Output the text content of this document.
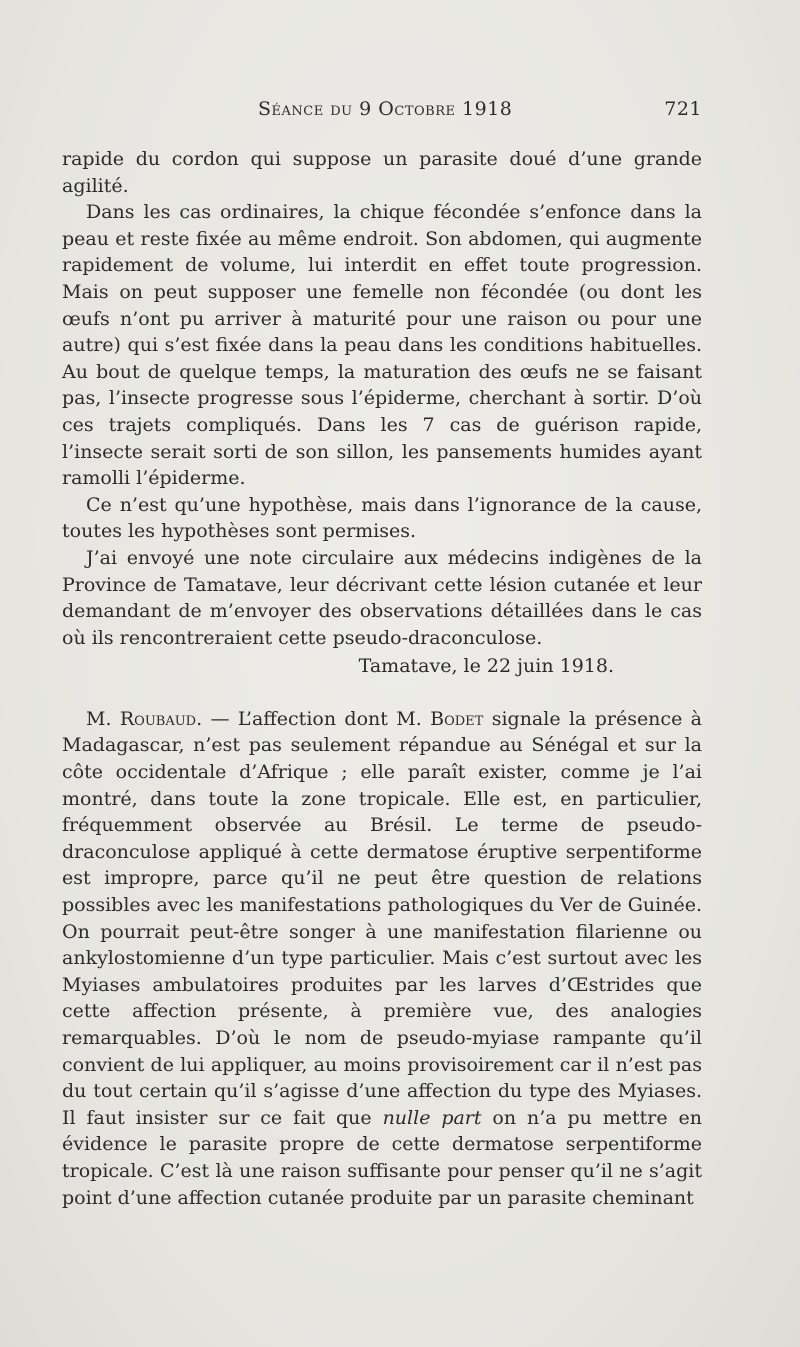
Séance du 9 Octobre 1918	721

rapide du cordon qui suppose un parasite doué d’une grande agilité.

Dans les cas ordinaires, la chique fécondée s’enfonce dans la peau et reste fixée au même endroit. Son abdomen, qui augmente rapidement de volume, lui interdit en effet toute progression. Mais on peut supposer une femelle non fécondée (ou dont les œufs n’ont pu arriver à maturité pour une raison ou pour une autre) qui s’est fixée dans la peau dans les conditions habituelles. Au bout de quelque temps, la maturation des œufs ne se faisant pas, l’insecte progresse sous l’épiderme, cherchant à sortir. D’où ces trajets compliqués. Dans les 7 cas de guérison rapide, l’insecte serait sorti de son sillon, les pansements humides ayant ramolli l’épiderme.

Ce n’est qu’une hypothèse, mais dans l’ignorance de la cause, toutes les hypothèses sont permises.

J’ai envoyé une note circulaire aux médecins indigènes de la Province de Tamatave, leur décrivant cette lésion cutanée et leur demandant de m’envoyer des observations détaillées dans le cas où ils rencontreraient cette pseudo-draconculose.

Tamatave, le 22 juin 1918.

M. Roubaud. — L’affection dont M. Bodet signale la présence à Madagascar, n’est pas seulement répandue au Sénégal et sur la côte occidentale d’Afrique ; elle paraît exister, comme je l’ai montré, dans toute la zone tropicale. Elle est, en particulier, fréquemment observée au Brésil. Le terme de pseudo-draconculose appliqué à cette dermatose éruptive serpentiforme est impropre, parce qu’il ne peut être question de relations possibles avec les manifestations pathologiques du Ver de Guinée. On pourrait peut-être songer à une manifestation filarienne ou ankylostomienne d’un type particulier. Mais c’est surtout avec les Myiases ambulatoires produites par les larves d’Œstrides que cette affection présente, à première vue, des analogies remarquables. D’où le nom de pseudo-myiase rampante qu’il convient de lui appliquer, au moins provisoirement car il n’est pas du tout certain qu’il s’agisse d’une affection du type des Myiases. Il faut insister sur ce fait que nulle part on n’a pu mettre en évidence le parasite propre de cette dermatose serpentiforme tropicale. C’est là une raison suffisante pour penser qu’il ne s’agit point d’une affection cutanée produite par un parasite cheminant
